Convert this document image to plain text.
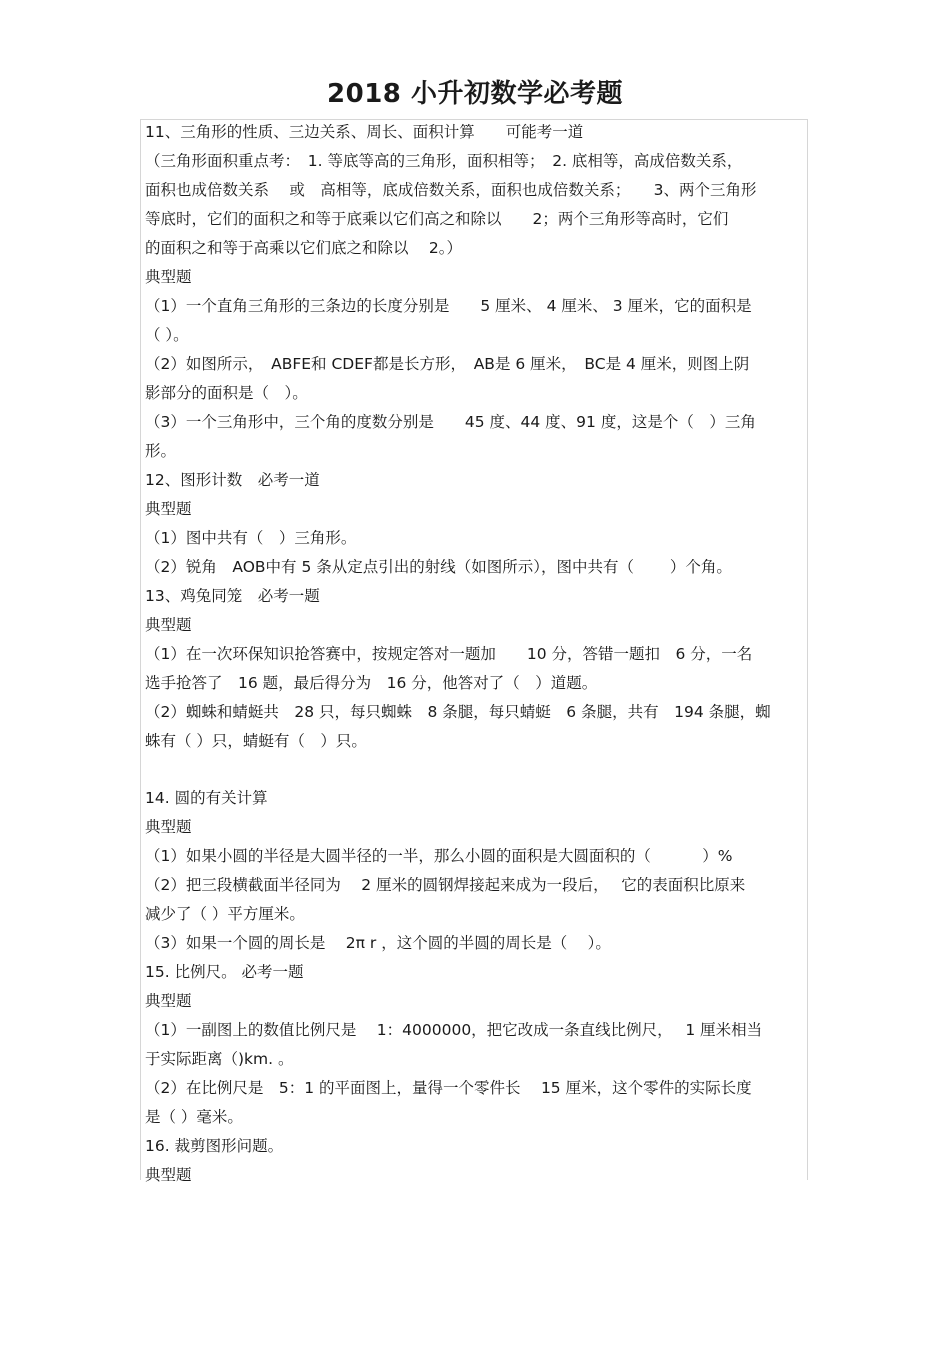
2018 小升初数学必考题
11、三角形的性质、三边关系、周长、面积计算　　可能考一道
（三角形面积重点考：　1. 等底等高的三角形，面积相等；　2. 底相等，高成倍数关系，
面积也成倍数关系　 或　高相等，底成倍数关系，面积也成倍数关系；　　3、两个三角形
等底时，它们的面积之和等于底乘以它们高之和除以　　2；两个三角形等高时，它们
的面积之和等于高乘以它们底之和除以　 2。）
典型题
（1）一个直角三角形的三条边的长度分别是　　5 厘米、 4 厘米、 3 厘米，它的面积是
（ ）。
（2）如图所示，　ABFE和 CDEF都是长方形，　AB是 6 厘米，　BC是 4 厘米，则图上阴
影部分的面积是（　）。
（3）一个三角形中，三个角的度数分别是　　45 度、44 度、91 度，这是个（　）三角
形。
12、图形计数　必考一道
典型题
（1）图中共有（　）三角形。
（2）锐角　AOB中有 5 条从定点引出的射线（如图所示），图中共有（　　 ）个角。
13、鸡兔同笼　必考一题
典型题
（1）在一次环保知识抢答赛中，按规定答对一题加　　10 分，答错一题扣　6 分，一名
选手抢答了　16 题，最后得分为　16 分，他答对了（　）道题。
（2）蜘蛛和蜻蜓共　28 只，每只蜘蛛　8 条腿，每只蜻蜓　6 条腿，共有　194 条腿，蜘
蛛有（ ）只，蜻蜓有（　）只。
14. 圆的有关计算
典型题
（1）如果小圆的半径是大圆半径的一半，那么小圆的面积是大圆面积的（　　　 ）%
（2）把三段横截面半径同为　 2 厘米的圆钢焊接起来成为一段后，　 它的表面积比原来
减少了（ ）平方厘米。
（3）如果一个圆的周长是　 2π r ，这个圆的半圆的周长是（　 ）。
15. 比例尺。 必考一题
典型题
（1）一副图上的数值比例尺是　 1：4000000，把它改成一条直线比例尺，　 1 厘米相当
于实际距离（)km. 。
（2）在比例尺是　5：1 的平面图上，量得一个零件长　 15 厘米，这个零件的实际长度
是（ ）毫米。
16. 裁剪图形问题。
典型题
